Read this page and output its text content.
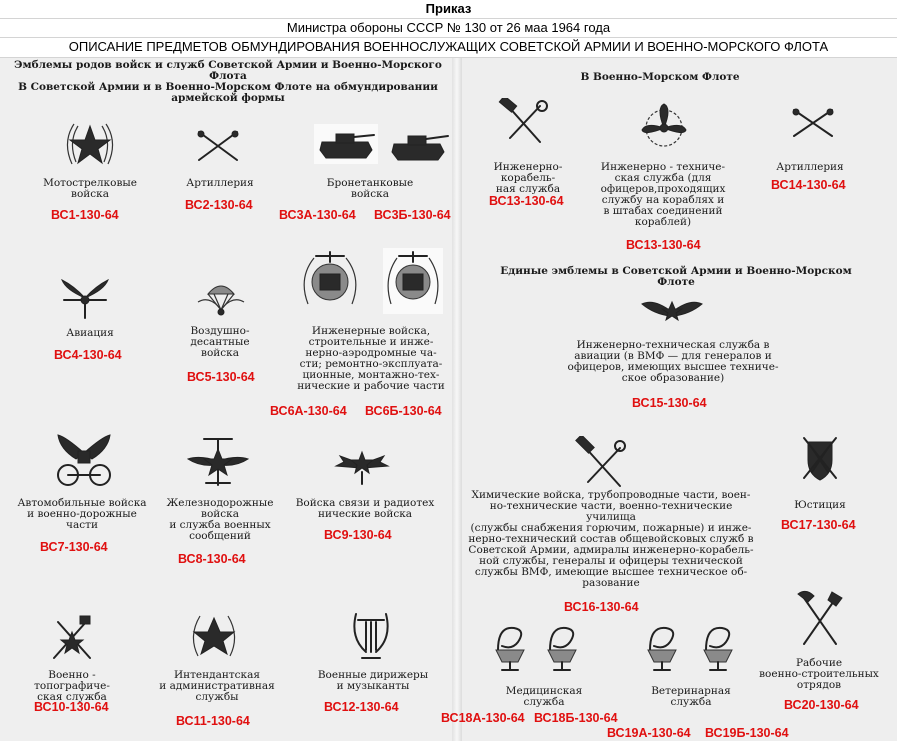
Приказ
Министра обороны СССР № 130 от 26 маа 1964 года
ОПИСАНИЕ ПРЕДМЕТОВ ОБМУНДИРОВАНИЯ ВОЕННОСЛУЖАЩИХ СОВЕТСКОЙ АРМИИ И ВОЕННО-МОРСКОГО ФЛОТА
Эмблемы родов войск и служб Советской Армии и Военно-Морского Флота
В Советской Армии и в Военно-Морском Флоте на обмундировании
армейской формы
Мотострелковые
войска
ВС1-130-64
Артиллерия
ВС2-130-64
Бронетанковые
войска
ВС3А-130-64 ВС3Б-130-64
Авиация
ВС4-130-64
Воздушно-
десантные
войска
ВС5-130-64
Инженерные войска,
строительные и инже-
нерно-аэродромные ча-
сти; ремонтно-эксплуата-
ционные, монтажно-тех-
нические и рабочие части
ВС6А-130-64 ВС6Б-130-64
Автомобильные войска
и военно-дорожные
части
ВС7-130-64
Железнодорожные
войска
и служба военных
сообщений
ВС8-130-64
Войска связи и радиотех
нические войска
ВС9-130-64
Военно - топографиче-
ская служба
ВС10-130-64
Интендантская
и административная
службы
ВС11-130-64
Военные дирижеры
и музыканты
ВС12-130-64
В Военно-Морском Флоте
Инженерно-корабель-
ная служба
ВС13-130-64
Инженерно - техниче-
ская служба (для
офицеров,проходящих
службу на кораблях и
в штабах соединений
кораблей)
ВС13-130-64
Артиллерия
ВС14-130-64
Единые эмблемы в Советской Армии и Военно-Морском Флоте
Инженерно-техническая служба в
авиации (в ВМФ — для генералов и
офицеров, имеющих высшее техниче-
ское образование)
ВС15-130-64
Химические войска, трубопроводные части, воен-
но-технические части, военно-технические училища
(службы снабжения горючим, пожарные) и инже-
нерно-технический состав общевойсковых служб в
Советской Армии, адмиралы инженерно-корабель-
ной службы, генералы и офицеры технической
службы ВМФ, имеющие высшее техническое об-
разование
ВС16-130-64
Юстиция
ВС17-130-64
Медицинская
служба
ВС18А-130-64 ВС18Б-130-64
Ветеринарная
служба
ВС19А-130-64 ВС19Б-130-64
Рабочие
военно-строительных
отрядов
ВС20-130-64
